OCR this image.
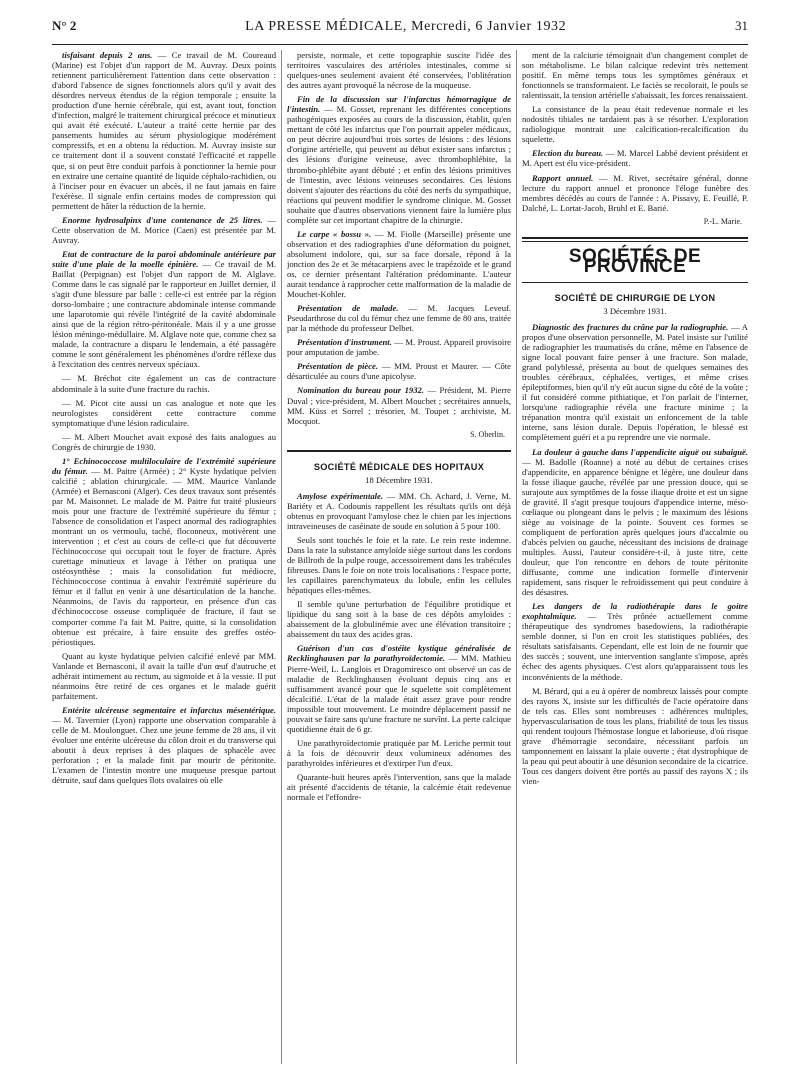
N° 2	LA PRESSE MÉDICALE, Mercredi, 6 Janvier 1932	31

tisfaisant depuis 2 ans. — Ce travail de M. Coureaud (Marine) est l'objet d'un rapport de M. Auvray. Deux points retiennent particulièrement l'attention dans cette observation : d'abord l'absence de signes fonctionnels alors qu'il y avait des désordres nerveux étendus de la région temporale ; ensuite la production d'une hernie cérébrale, qui est, avant tout, fonction d'infection, malgré le traitement chirurgical précoce et minutieux qui avait été exécuté. L'auteur a traité cette hernie par des pansements humides au sérum physiologique modérément compressifs, et en a obtenu la réduction. M. Auvray insiste sur ce traitement dont il a souvent constaté l'efficacité et rappelle que, si on peut être conduit parfois à ponctionner la hernie pour en extraire une certaine quantité de liquide céphalo-rachidien, ou à l'inciser pour en évacuer un abcès, il ne faut jamais en faire l'exérèse. Il signale enfin certains modes de compression qui permettent de hâter la réduction de la hernie.

Enorme hydrosalpinx d'une contenance de 25 litres. — Cette observation de M. Morice (Caen) est présentée par M. Auvray.

Etat de contracture de la paroi abdominale antérieure par suite d'une plaie de la moelle épinière. — Ce travail de M. Baillat (Perpignan) est l'objet d'un rapport de M. Alglave. Comme dans le cas signalé par le rapporteur en Juillet dernier, il s'agit d'une blessure par balle : celle-ci est entrée par la région dorso-lombaire ; une contracture abdominale intense commande une laparotomie qui révèle l'intégrité de la cavité abdominale ainsi que de la région rétro-péritonéale. Mais il y a une grosse lésion méningo-médullaire. M. Alglave note que, comme chez sa malade, la contracture a disparu le lendemain, a été passagère comme le sont généralement les phénomènes d'ordre réflexe dus à l'excitation des centres nerveux spéciaux.

— M. Bréchot cite également un cas de contracture abdominale à la suite d'une fracture du rachis.

— M. Picot cite aussi un cas analogue et note que les neurologistes considèrent cette contracture comme symptomatique d'une lésion radiculaire.

— M. Albert Mouchet avait exposé des faits analogues au Congrès de chirurgie de 1930.

1° Echinococcose multiloculaire de l'extrémité supérieure du fémur. — M. Paitre (Armée) ; 2° Kyste hydatique pelvien calcifié ; ablation chirurgicale. — MM. Maurice Vanlande (Armée) et Bernasconi (Alger). Ces deux travaux sont présentés par M. Maisonnet. Le malade de M. Paitre fut traité plusieurs mois pour une fracture de l'extrémité supérieure du fémur ; l'absence de consolidation et l'aspect anormal des radiographies montrant un os vermoulu, taché, floconneux, motivèrent une intervention ; et c'est au cours de celle-ci que fut découverte l'échinococcose qui occupait tout le foyer de fracture. Après curettage minutieux et lavage à l'éther on pratiqua une ostéosynthèse ; mais la consolidation fut médiocre, l'échinococcose continua à envahir l'extrémité supérieure du fémur et il fallut en venir à une désarticulation de la hanche. Néanmoins, de l'avis du rapporteur, en présence d'un cas d'échinococcose osseuse compliquée de fracture, il faut se comporter comme l'a fait M. Paitre, quitte, si la consolidation obtenue est précaire, à faire ensuite des greffes ostéo-périostiques.

Quant au kyste hydatique pelvien calcifié enlevé par MM. Vanlande et Bernasconi, il avait la taille d'un œuf d'autruche et adhérait intimement au rectum, au sigmoïde et à la vessie. Il put néanmoins être retiré de ces organes et le malade guérit parfaitement.

Entérite ulcéreuse segmentaire et infarctus mésentérique. — M. Tavernier (Lyon) rapporte une observation comparable à celle de M. Moulonguet. Chez une jeune femme de 28 ans, il vit évoluer une entérite ulcéreuse du côlon droit et du transverse qui aboutit à deux reprises à des plaques de sphacèle avec perforation ; et la malade finit par mourir de péritonite. L'examen de l'intestin montre une muqueuse presque partout détruite, sauf dans quelques îlots ovalaires où elle

persiste, normale, et cette topographie suscite l'idée des territoires vasculaires des artérioles intestinales, comme si quelques-unes seulement avaient été conservées, l'oblitération des autres ayant provoqué la nécrose de la muqueuse.

Fin de la discussion sur l'infarctus hémorragique de l'intestin. — M. Gosset, reprenant les différentes conceptions pathogéniques exposées au cours de la discussion, établit, qu'en mettant de côté les infarctus que l'on pourrait appeler médicaux, on peut décrire aujourd'hui trois sortes de lésions : des lésions d'origine artérielle, qui peuvent au début exister sans infarctus ; des lésions d'origine veineuse, avec thrombophlébite, la thrombo-phlébite ayant débuté ; et enfin des lésions primitives de l'intestin, avec lésions veineuses secondaires. Ces lésions doivent s'ajouter des réactions du côté des nerfs du sympathique, réactions qui peuvent modifier le syndrome clinique. M. Gosset souhaite que d'autres observations viennent faire la lumière plus complète sur cet important chapitre de la chirurgie.

Le carpe « bossu ». — M. Fiolle (Marseille) présente une observation et des radiographies d'une déformation du poignet, absolument indolore, qui, sur sa face dorsale, répond à la jonction des 2e et 3e métacarpiens avec le trapézoïde et le grand os, ce dernier présentant l'altération prédominante. L'auteur aurait tendance à rapprocher cette malformation de la maladie de Mouchet-Kohler.

Présentation de malade. — M. Jacques Leveuf. Pseudarthrose du col du fémur chez une femme de 80 ans, traitée par la méthode du professeur Delbet.

Présentation d'instrument. — M. Proust. Appareil provisoire pour amputation de jambe.

Présentation de pièce. — MM. Proust et Maurer. — Côte désarticulée au cours d'une apicolyse.

Nomination du bureau pour 1932. — Président, M. Pierre Duval ; vice-président, M. Albert Mouchet ; secrétaires annuels, MM. Küss et Sorrel ; trésorier, M. Toupet ; archiviste, M. Mocquot.

S. Oberlin.

SOCIÉTÉ MÉDICALE DES HOPITAUX
18 Décembre 1931.

Amylose expérimentale. — MM. Ch. Achard, J. Verne, M. Bariéty et A. Codounis rappellent les résultats qu'ils ont déjà obtenus en provoquant l'amylose chez le chien par les injections intraveineuses de caséinate de soude en solution à 5 pour 100.

Seuls sont touchés le foie et la rate. Le rein reste indemne. Dans la rate la substance amyloïde siège surtout dans les cordons de Billroth de la pulpe rouge, accessoirement dans les trabécules fibreuses. Dans le foie on note trois localisations : l'espace porte, les capillaires parenchymateux du lobule, enfin les cellules hépatiques elles-mêmes.

Il semble qu'une perturbation de l'équilibre protidique et lipidique du sang soit à la base de ces dépôts amyloïdes : abaissement de la globulinémie avec une élévation transitoire ; abaissement du taux des acides gras.

Guérison d'un cas d'ostéite kystique généralisée de Recklinghausen par la parathyroïdectomie. — MM. Mathieu Pierre-Weil, L. Langlois et Dragomiresco ont observé un cas de maladie de Recklinghausen évoluant depuis cinq ans et suffisamment avancé pour que le squelette soit complètement décalcifié. L'état de la malade était assez grave pour rendre impossible tout mouvement. Le moindre déplacement passif ne pouvait se faire sans qu'une fracture ne survînt. La perte calcique quotidienne était de 6 gr.

Une parathyroïdectomie pratiquée par M. Leriche permit tout à la fois de découvrir deux volumineux adénomes des parathyroïdes inférieures et d'extirper l'un d'eux.

Quarante-huit heures après l'intervention, sans que la malade ait présenté d'accidents de tétanie, la calcémie était redevenue normale et l'effondre-

ment de la calciurie témoignait d'un changement complet de son métabolisme. Le bilan calcique redevint très nettement positif. En même temps tous les symptômes généraux et fonctionnels se transformaient. Le faciès se recolorait, le pouls se ralentissait, la tension artérielle s'abaissait, les forces renaissaient.

La consistance de la peau était redevenue normale et les nodosités tibiales ne tardaient pas à se résorber. L'exploration radiologique montrait une calcification-recalcification du squelette.

Election du bureau. — M. Marcel Labbé devient président et M. Apert est élu vice-président.

Rapport annuel. — M. Rivet, secrétaire général, donne lecture du rapport annuel et prononce l'éloge funèbre des membres décédés au cours de l'année : A. Pissavy, E. Feuillé, P. Dalché, L. Lortat-Jacob, Bruhl et E. Barié.

P.-L. Marie.

SOCIÉTÉS DE PROVINCE
SOCIÉTÉ DE CHIRURGIE DE LYON
3 Décembre 1931.

Diagnostic des fractures du crâne par la radiographie. — A propos d'une observation personnelle, M. Patel insiste sur l'utilité de radiographier les traumatisés du crâne, même en l'absence de signe local pouvant faire penser à une fracture. Son malade, grand polyblessé, présenta au bout de quelques semaines des troubles cérébraux, céphalées, vertiges, et même crises épileptiformes, bien qu'il n'y eût aucun signe du côté de la voûte ; il fut considéré comme pithiatique, et l'on parlait de l'interner, lorsqu'une radiographie révéla une fracture minime ; la trépanation montra qu'il existait un enfoncement de la table interne, sans lésion durale. Depuis l'opération, le blessé est complètement guéri et a pu reprendre une vie normale.

La douleur à gauche dans l'appendicite aiguë ou subaiguë. — M. Badolle (Roanne) a noté au début de certaines crises d'appendicite, en apparence bénigne et légère, une douleur dans la fosse iliaque gauche, révélée par une pression douce, qui se surajoute aux symptômes de la fosse iliaque droite et est un signe de gravité. Il s'agit presque toujours d'appendice interne, méso-cœliaque ou plongeant dans le pelvis ; le maximum des lésions siège au voisinage de la pointe. Souvent ces formes se compliquent de perforation après quelques jours d'accalmie ou d'abcès pelvien ou gauche, nécessitant des incisions de drainage multiples. Aussi, l'auteur considère-t-il, à juste titre, cette douleur, que l'on rencontre en dehors de toute péritonite diffusante, comme une indication formelle d'intervenir rapidement, sans risquer le refroidissement qui peut conduire à des désastres.

Les dangers de la radiothérapie dans le goitre exophtalmique. — Très prônée actuellement comme thérapeutique des syndromes basedowiens, la radiothérapie semble donner, si l'on en croit les statistiques publiées, des résultats satisfaisants. Cependant, elle est loin de ne fournir que des succès ; souvent, une intervention sanglante s'impose, après échec des agents physiques. C'est alors qu'apparaissent tous les inconvénients de la méthode.

M. Bérard, qui a eu à opérer de nombreux laissés pour compte des rayons X, insiste sur les difficultés de l'acte opératoire dans de tels cas. Elles sont nombreuses : adhérences multiples, hypervascularisation de tous les plans, friabilité de tous les tissus qui rendent toujours l'hémostase longue et laborieuse, d'où risque grave d'hémorragie secondaire, nécessitant parfois un tamponnement en laissant la plaie ouverte ; état dystrophique de la peau qui peut aboutir à une désunion secondaire de la cicatrice. Tous ces dangers doivent être portés au passif des rayons X ; ils vien-
